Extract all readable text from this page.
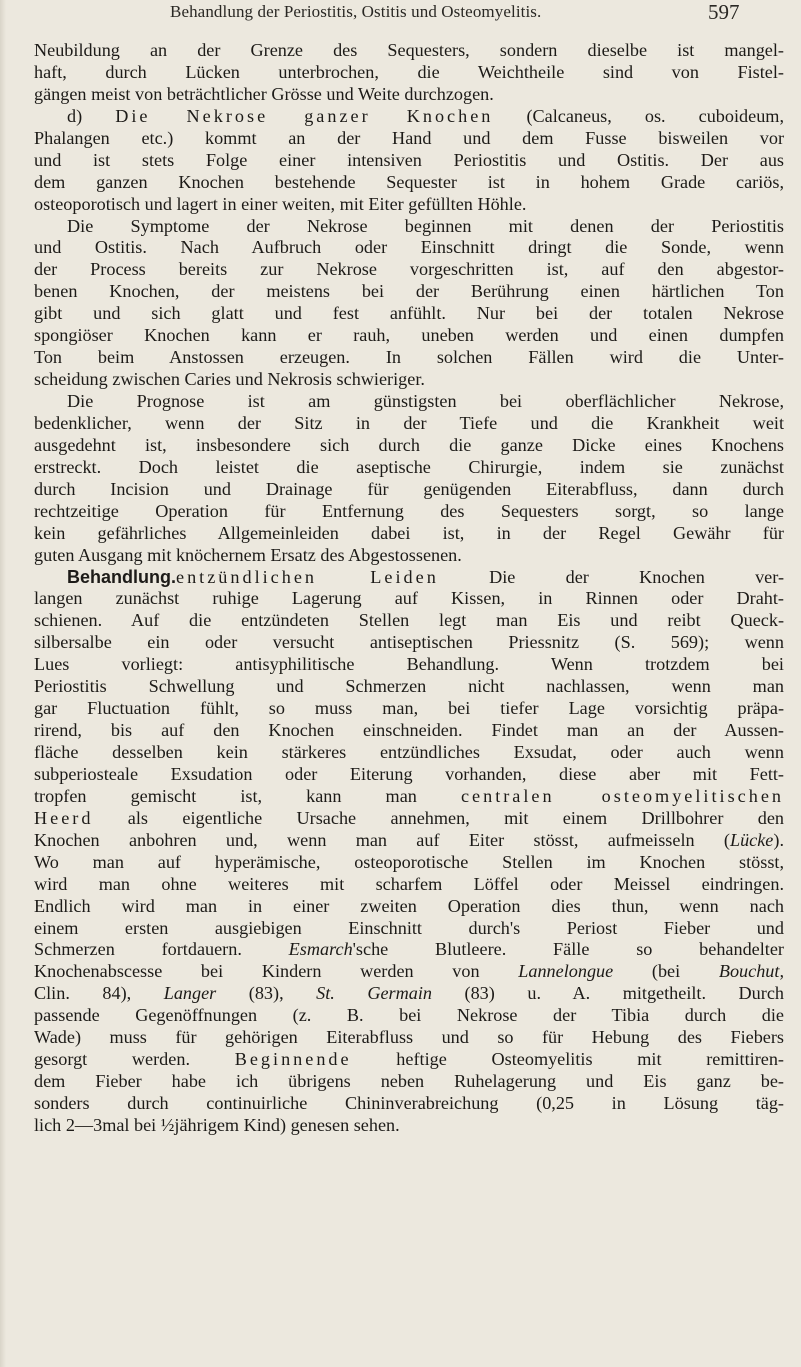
Behandlung der Periostitis, Ostitis und Osteomyelitis.	597
Neubildung an der Grenze des Sequesters, sondern dieselbe ist mangel-
haft, durch Lücken unterbrochen, die Weichtheile sind von Fistel-
gängen meist von beträchtlicher Grösse und Weite durchzogen.
d) Die Nekrose ganzer Knochen (Calcaneus, os. cuboideum,
Phalangen etc.) kommt an der Hand und dem Fusse bisweilen vor
und ist stets Folge einer intensiven Periostitis und Ostitis. Der aus
dem ganzen Knochen bestehende Sequester ist in hohem Grade cariös,
osteoporotisch und lagert in einer weiten, mit Eiter gefüllten Höhle.
Die Symptome der Nekrose beginnen mit denen der Periostitis
und Ostitis. Nach Aufbruch oder Einschnitt dringt die Sonde, wenn
der Process bereits zur Nekrose vorgeschritten ist, auf den abgestor-
benen Knochen, der meistens bei der Berührung einen härtlichen Ton
gibt und sich glatt und fest anfühlt. Nur bei der totalen Nekrose
spongiöser Knochen kann er rauh, uneben werden und einen dumpfen
Ton beim Anstossen erzeugen. In solchen Fällen wird die Unter-
scheidung zwischen Caries und Nekrosis schwieriger.
Die Prognose ist am günstigsten bei oberflächlicher Nekrose,
bedenklicher, wenn der Sitz in der Tiefe und die Krankheit weit
ausgedehnt ist, insbesondere sich durch die ganze Dicke eines Knochens
erstreckt. Doch leistet die aseptische Chirurgie, indem sie zunächst
durch Incision und Drainage für genügenden Eiterabfluss, dann durch
rechtzeitige Operation für Entfernung des Sequesters sorgt, so lange
kein gefährliches Allgemeinleiden dabei ist, in der Regel Gewähr für
guten Ausgang mit knöchernem Ersatz des Abgestossenen.
Behandlung.entzündlichen Leiden Die der Knochen ver-
langen zunächst ruhige Lagerung auf Kissen, in Rinnen oder Draht-
schienen. Auf die entzündeten Stellen legt man Eis und reibt Queck-
silbersalbe ein oder versucht antiseptischen Priessnitz (S. 569); wenn
Lues vorliegt: antisyphilitische Behandlung. Wenn trotzdem bei
Periostitis Schwellung und Schmerzen nicht nachlassen, wenn man
gar Fluctuation fühlt, so muss man, bei tiefer Lage vorsichtig präpa-
rirend, bis auf den Knochen einschneiden. Findet man an der Aussen-
fläche desselben kein stärkeres entzündliches Exsudat, oder auch wenn
subperiosteale Exsudation oder Eiterung vorhanden, diese aber mit Fett-
tropfen gemischt ist, kann man centralen osteomyelitischen
Heerd als eigentliche Ursache annehmen, mit einem Drillbohrer den
Knochen anbohren und, wenn man auf Eiter stösst, aufmeisseln (Lücke).
Wo man auf hyperämische, osteoporotische Stellen im Knochen stösst,
wird man ohne weiteres mit scharfem Löffel oder Meissel eindringen.
Endlich wird man in einer zweiten Operation dies thun, wenn nach
einem ersten ausgiebigen Einschnitt durch's Periost Fieber und
Schmerzen fortdauern. Esmarch'sche Blutleere. Fälle so behandelter
Knochenabscesse bei Kindern werden von Lannelongue (bei Bouchut,
Clin. 84), Langer (83), St. Germain (83) u. A. mitgetheilt. Durch
passende Gegenöffnungen (z. B. bei Nekrose der Tibia durch die
Wade) muss für gehörigen Eiterabfluss und so für Hebung des Fiebers
gesorgt werden. Beginnende heftige Osteomyelitis mit remittiren-
dem Fieber habe ich übrigens neben Ruhelagerung und Eis ganz be-
sonders durch continuirliche Chininverabreichung (0,25 in Lösung täg-
lich 2—3mal bei ½jährigem Kind) genesen sehen.
